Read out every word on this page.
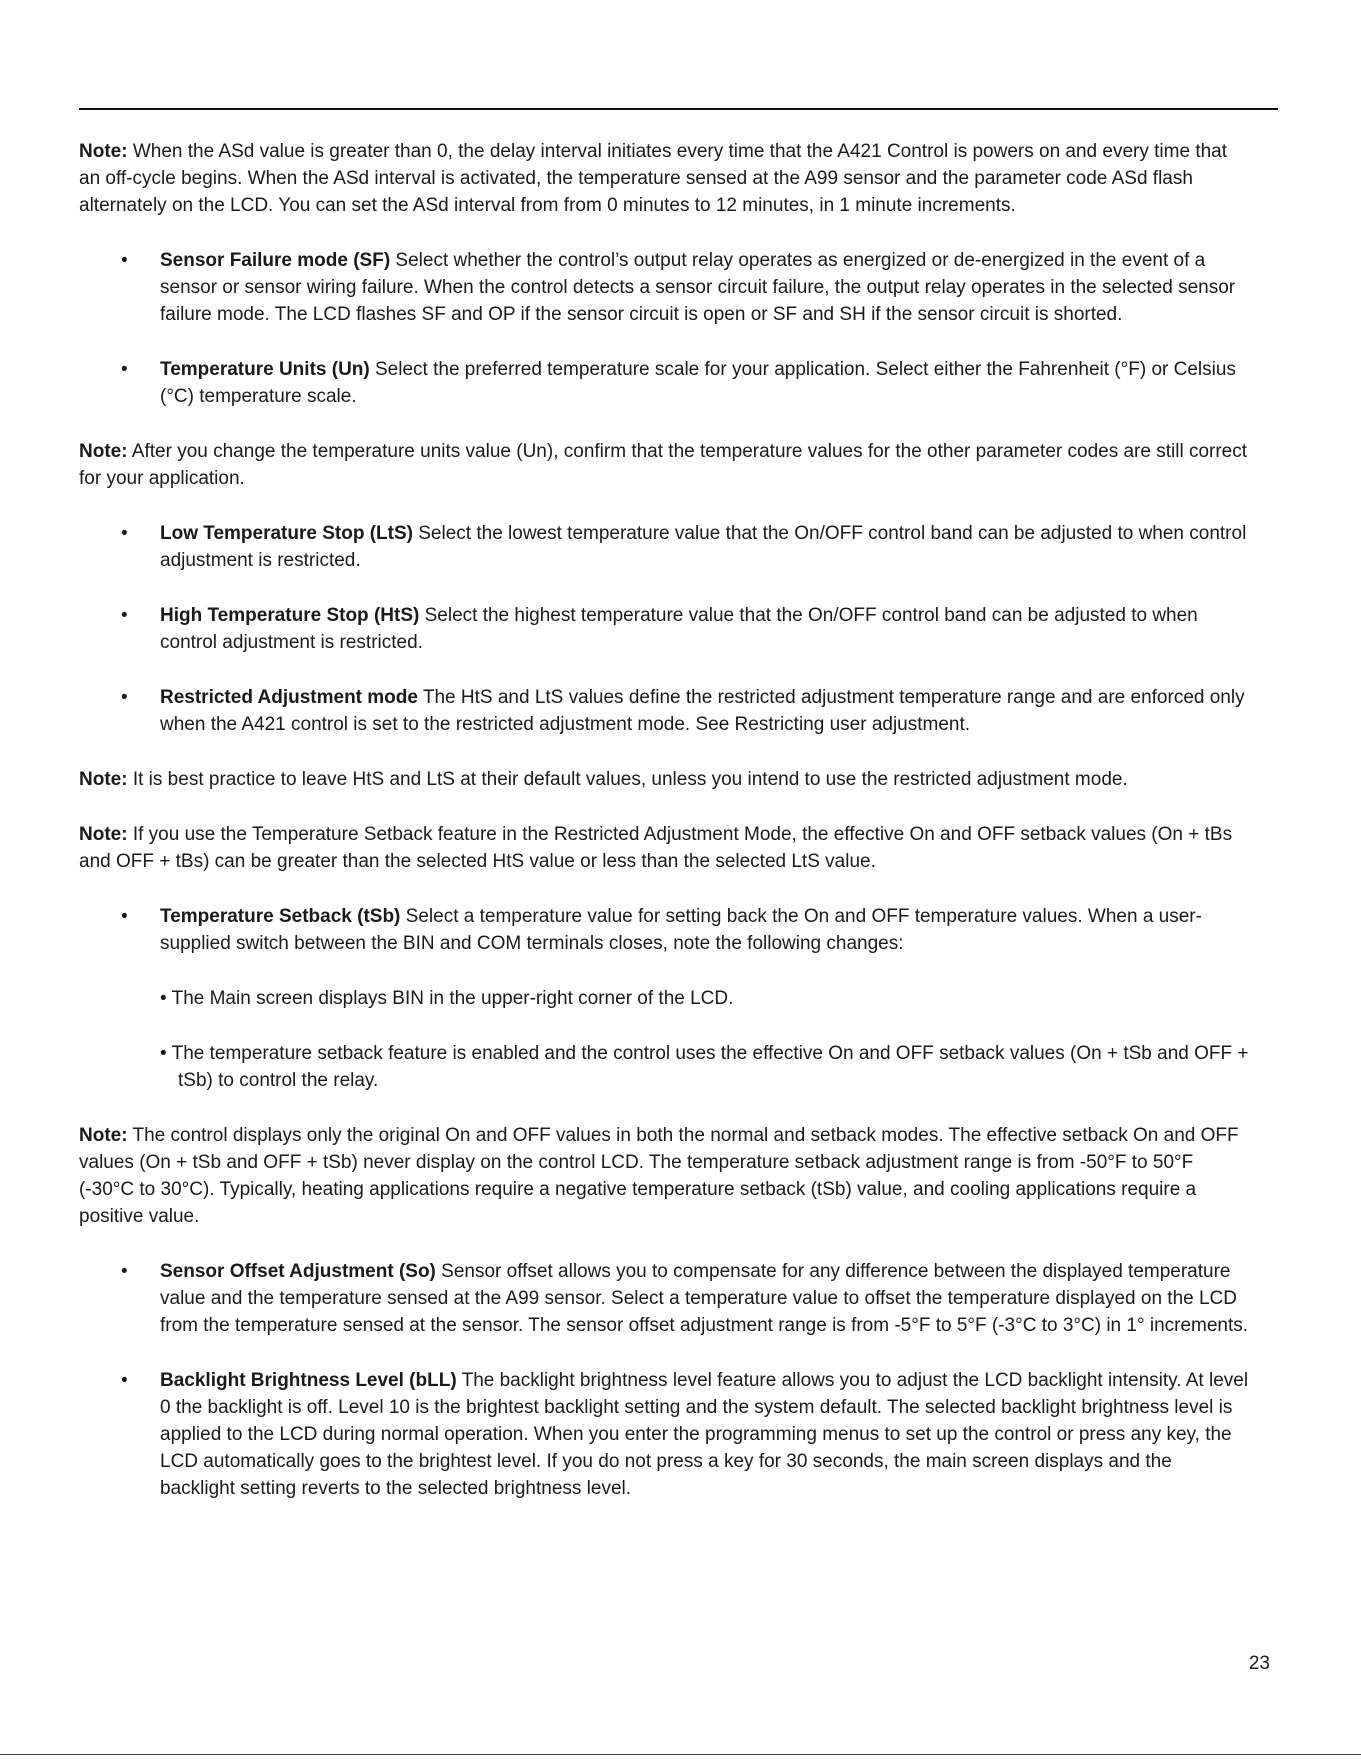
Note: When the ASd value is greater than 0, the delay interval initiates every time that the A421 Control is powers on and every time that an off-cycle begins. When the ASd interval is activated, the temperature sensed at the A99 sensor and the parameter code ASd flash alternately on the LCD. You can set the ASd interval from from 0 minutes to 12 minutes, in 1 minute increments.

• Sensor Failure mode (SF) Select whether the control’s output relay operates as energized or de-energized in the event of a sensor or sensor wiring failure. When the control detects a sensor circuit failure, the output relay operates in the selected sensor failure mode. The LCD flashes SF and OP if the sensor circuit is open or SF and SH if the sensor circuit is shorted.
• Temperature Units (Un) Select the preferred temperature scale for your application. Select either the Fahrenheit (°F) or Celsius (°C) temperature scale.

Note: After you change the temperature units value (Un), confirm that the temperature values for the other parameter codes are still correct for your application.

• Low Temperature Stop (LtS) Select the lowest temperature value that the On/OFF control band can be adjusted to when control adjustment is restricted.
• High Temperature Stop (HtS) Select the highest temperature value that the On/OFF control band can be adjusted to when control adjustment is restricted.
• Restricted Adjustment mode The HtS and LtS values define the restricted adjustment temperature range and are enforced only when the A421 control is set to the restricted adjustment mode. See Restricting user adjustment.

Note: It is best practice to leave HtS and LtS at their default values, unless you intend to use the restricted adjustment mode.

Note: If you use the Temperature Setback feature in the Restricted Adjustment Mode, the effective On and OFF setback values (On + tBs and OFF + tBs) can be greater than the selected HtS value or less than the selected LtS value.

• Temperature Setback (tSb) Select a temperature value for setting back the On and OFF temperature values. When a user-supplied switch between the BIN and COM terminals closes, note the following changes:

• The Main screen displays BIN in the upper-right corner of the LCD.

• The temperature setback feature is enabled and the control uses the effective On and OFF setback values (On + tSb and OFF + tSb) to control the relay.

Note: The control displays only the original On and OFF values in both the normal and setback modes. The effective setback On and OFF values (On + tSb and OFF + tSb) never display on the control LCD. The temperature setback adjustment range is from -50°F to 50°F (-30°C to 30°C). Typically, heating applications require a negative temperature setback (tSb) value, and cooling applications require a positive value.

• Sensor Offset Adjustment (So) Sensor offset allows you to compensate for any difference between the displayed temperature value and the temperature sensed at the A99 sensor. Select a temperature value to offset the temperature displayed on the LCD from the temperature sensed at the sensor. The sensor offset adjustment range is from -5°F to 5°F (-3°C to 3°C) in 1° increments.
• Backlight Brightness Level (bLL) The backlight brightness level feature allows you to adjust the LCD backlight intensity. At level 0 the backlight is off. Level 10 is the brightest backlight setting and the system default. The selected backlight brightness level is applied to the LCD during normal operation. When you enter the programming menus to set up the control or press any key, the LCD automatically goes to the brightest level. If you do not press a key for 30 seconds, the main screen displays and the backlight setting reverts to the selected brightness level.
23
